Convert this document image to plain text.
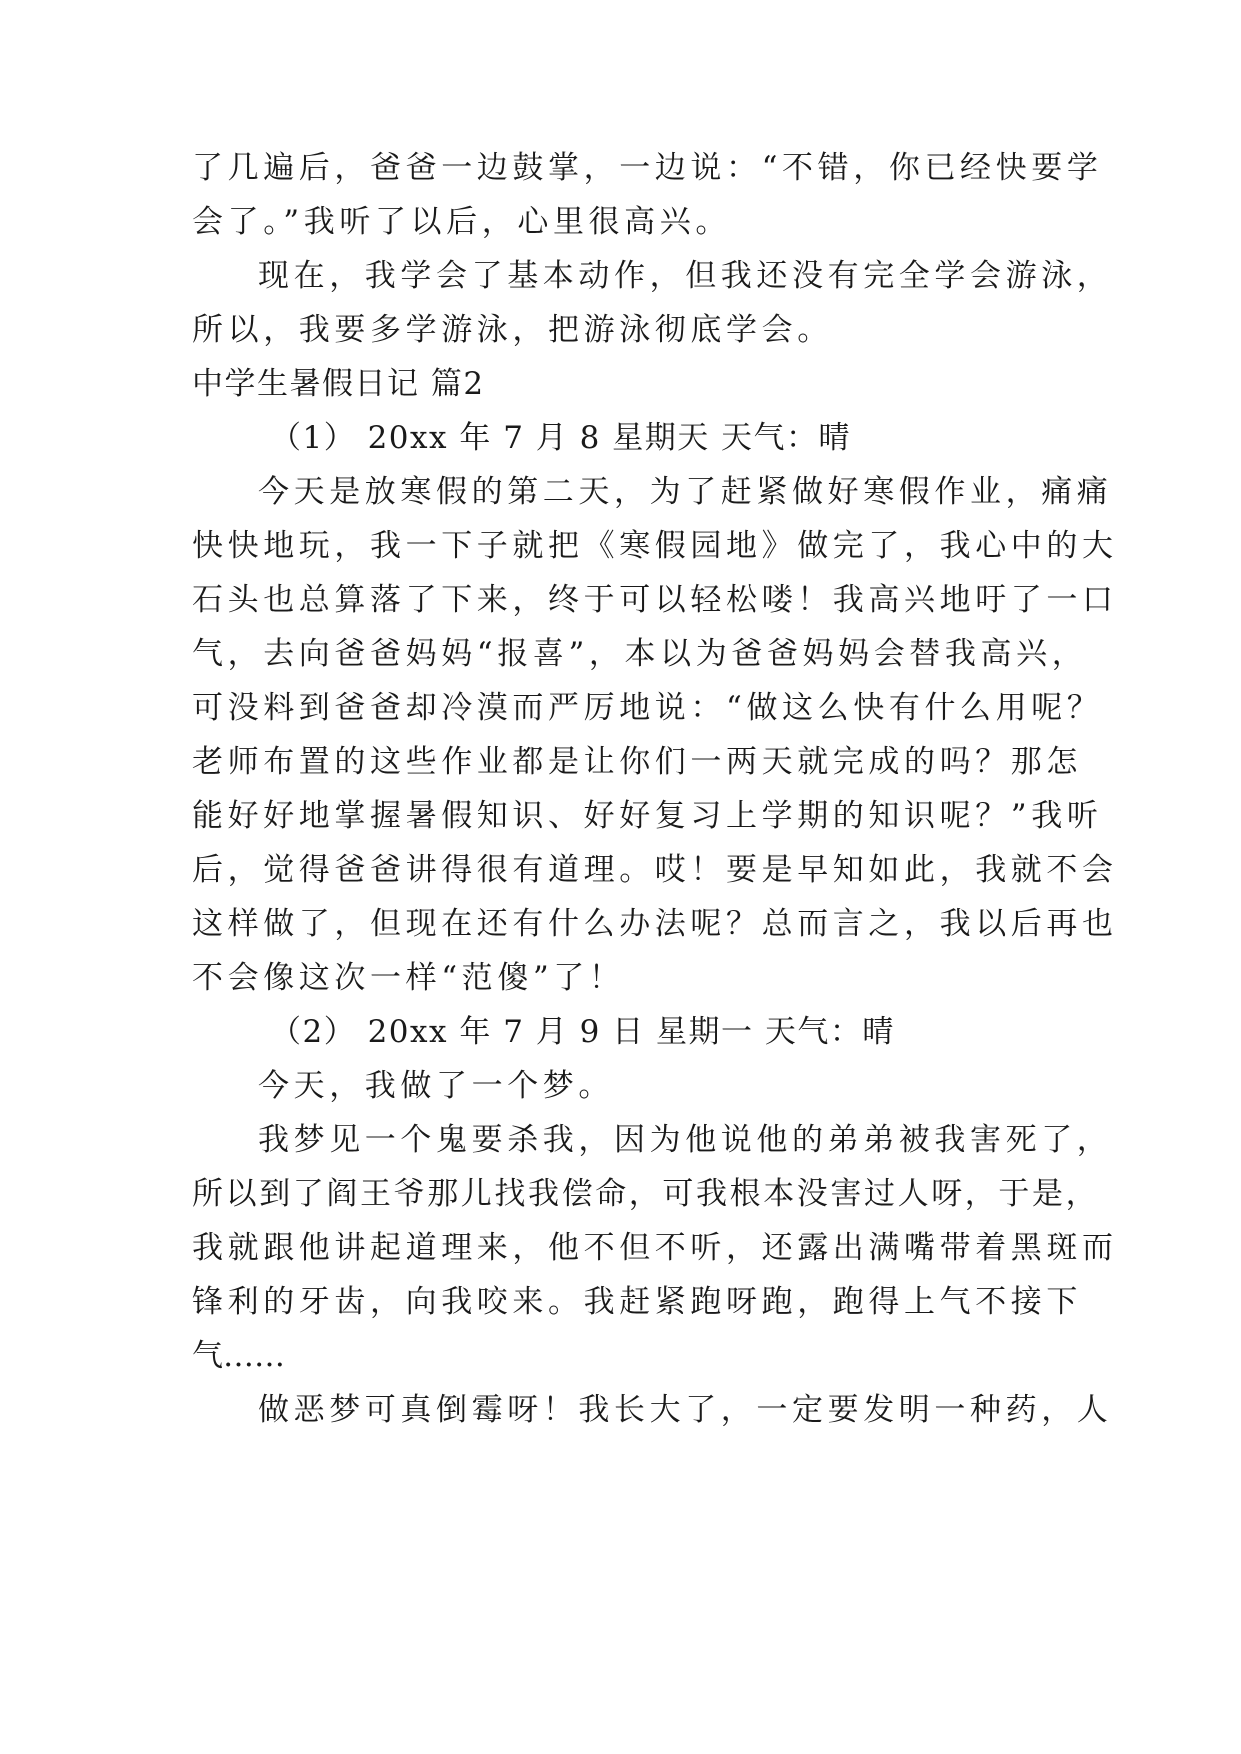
了几遍后，爸爸一边鼓掌，一边说：“不错，你已经快要学
会了。”我听了以后，心里很高兴。
现在，我学会了基本动作，但我还没有完全学会游泳，
所以，我要多学游泳，把游泳彻底学会。
中学生暑假日记 篇2
（1） 20xx 年 7 月 8 星期天 天气：晴
今天是放寒假的第二天，为了赶紧做好寒假作业，痛痛
快快地玩，我一下子就把《寒假园地》做完了，我心中的大
石头也总算落了下来，终于可以轻松喽！我高兴地吁了一口
气，去向爸爸妈妈“报喜”，本以为爸爸妈妈会替我高兴，
可没料到爸爸却冷漠而严厉地说：“做这么快有什么用呢？
老师布置的这些作业都是让你们一两天就完成的吗？那怎
能好好地掌握暑假知识、好好复习上学期的知识呢？”我听
后，觉得爸爸讲得很有道理。哎！要是早知如此，我就不会
这样做了，但现在还有什么办法呢？总而言之，我以后再也
不会像这次一样“范傻”了！
（2） 20xx 年 7 月 9 日 星期一 天气：晴
今天，我做了一个梦。
我梦见一个鬼要杀我，因为他说他的弟弟被我害死了，
所以到了阎王爷那儿找我偿命，可我根本没害过人呀，于是，
我就跟他讲起道理来，他不但不听，还露出满嘴带着黑斑而
锋利的牙齿，向我咬来。我赶紧跑呀跑，跑得上气不接下
气……
做恶梦可真倒霉呀！我长大了，一定要发明一种药，人
